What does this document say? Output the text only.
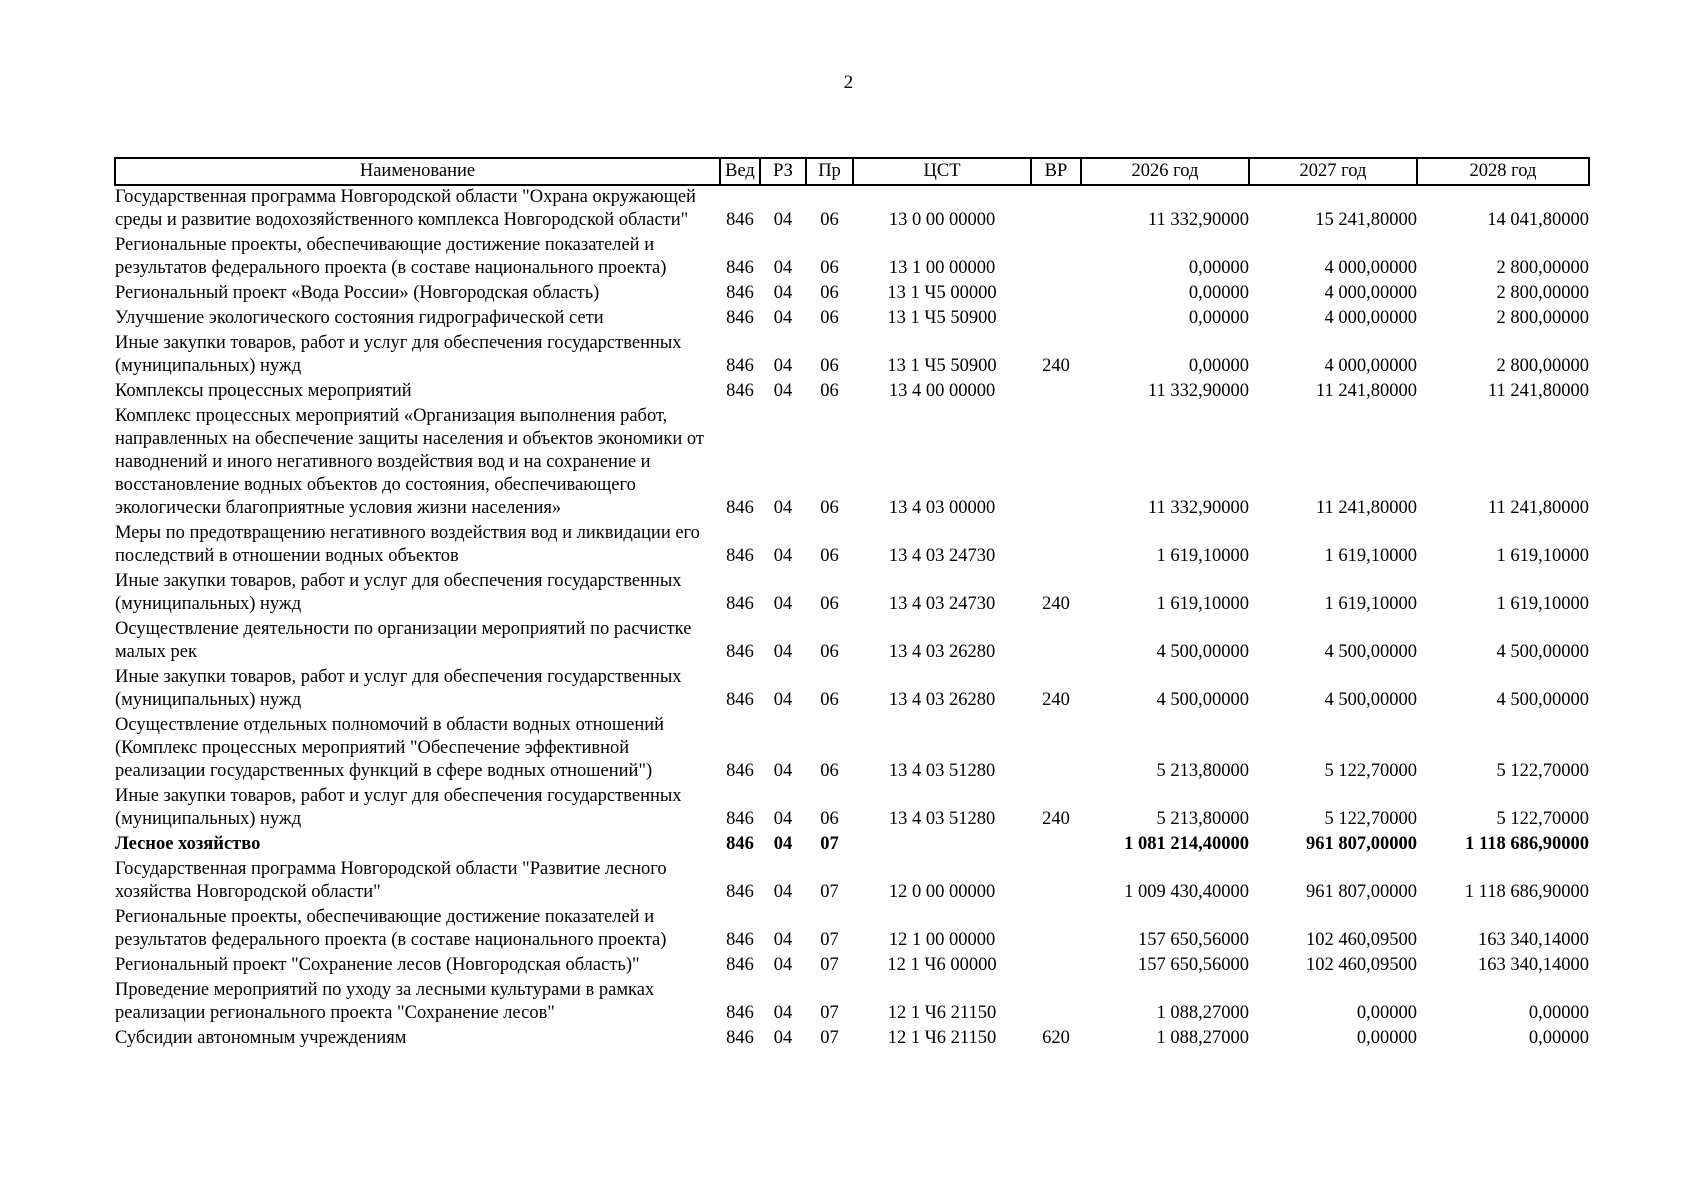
2
Наименование	Вед	РЗ	Пр	ЦСТ	ВР	2026 год	2027 год	2028 год
Государственная программа Новгородской области "Охрана окружающей среды и развитие водохозяйственного комплекса Новгородской области"	846	04	06	13 0 00 00000		11 332,90000	15 241,80000	14 041,80000
Региональные проекты, обеспечивающие достижение показателей и результатов федерального проекта (в составе национального проекта)	846	04	06	13 1 00 00000		0,00000	4 000,00000	2 800,00000
Региональный проект «Вода России» (Новгородская область)	846	04	06	13 1 Ч5 00000		0,00000	4 000,00000	2 800,00000
Улучшение экологического состояния гидрографической сети	846	04	06	13 1 Ч5 50900		0,00000	4 000,00000	2 800,00000
Иные закупки товаров, работ и услуг для обеспечения государственных (муниципальных) нужд	846	04	06	13 1 Ч5 50900	240	0,00000	4 000,00000	2 800,00000
Комплексы процессных мероприятий	846	04	06	13 4 00 00000		11 332,90000	11 241,80000	11 241,80000
Комплекс процессных мероприятий «Организация выполнения работ, направленных на обеспечение защиты населения и объектов экономики от наводнений и иного негативного воздействия вод и на сохранение и восстановление водных объектов до состояния, обеспечивающего экологически благоприятные условия жизни населения»	846	04	06	13 4 03 00000		11 332,90000	11 241,80000	11 241,80000
Меры по предотвращению негативного воздействия вод и ликвидации его последствий в отношении водных объектов	846	04	06	13 4 03 24730		1 619,10000	1 619,10000	1 619,10000
Иные закупки товаров, работ и услуг для обеспечения государственных (муниципальных) нужд	846	04	06	13 4 03 24730	240	1 619,10000	1 619,10000	1 619,10000
Осуществление деятельности по организации мероприятий по расчистке малых рек	846	04	06	13 4 03 26280		4 500,00000	4 500,00000	4 500,00000
Иные закупки товаров, работ и услуг для обеспечения государственных (муниципальных) нужд	846	04	06	13 4 03 26280	240	4 500,00000	4 500,00000	4 500,00000
Осуществление отдельных полномочий в области водных отношений (Комплекс процессных мероприятий "Обеспечение эффективной реализации государственных функций в сфере водных отношений")	846	04	06	13 4 03 51280		5 213,80000	5 122,70000	5 122,70000
Иные закупки товаров, работ и услуг для обеспечения государственных (муниципальных) нужд	846	04	06	13 4 03 51280	240	5 213,80000	5 122,70000	5 122,70000
Лесное хозяйство	846	04	07			1 081 214,40000	961 807,00000	1 118 686,90000
Государственная программа Новгородской области "Развитие лесного хозяйства Новгородской области"	846	04	07	12 0 00 00000		1 009 430,40000	961 807,00000	1 118 686,90000
Региональные проекты, обеспечивающие достижение показателей и результатов федерального проекта (в составе национального проекта)	846	04	07	12 1 00 00000		157 650,56000	102 460,09500	163 340,14000
Региональный проект "Сохранение лесов (Новгородская область)"	846	04	07	12 1 Ч6 00000		157 650,56000	102 460,09500	163 340,14000
Проведение мероприятий по уходу за лесными культурами в рамках реализации регионального проекта "Сохранение лесов"	846	04	07	12 1 Ч6 21150		1 088,27000	0,00000	0,00000
Субсидии автономным учреждениям	846	04	07	12 1 Ч6 21150	620	1 088,27000	0,00000	0,00000
